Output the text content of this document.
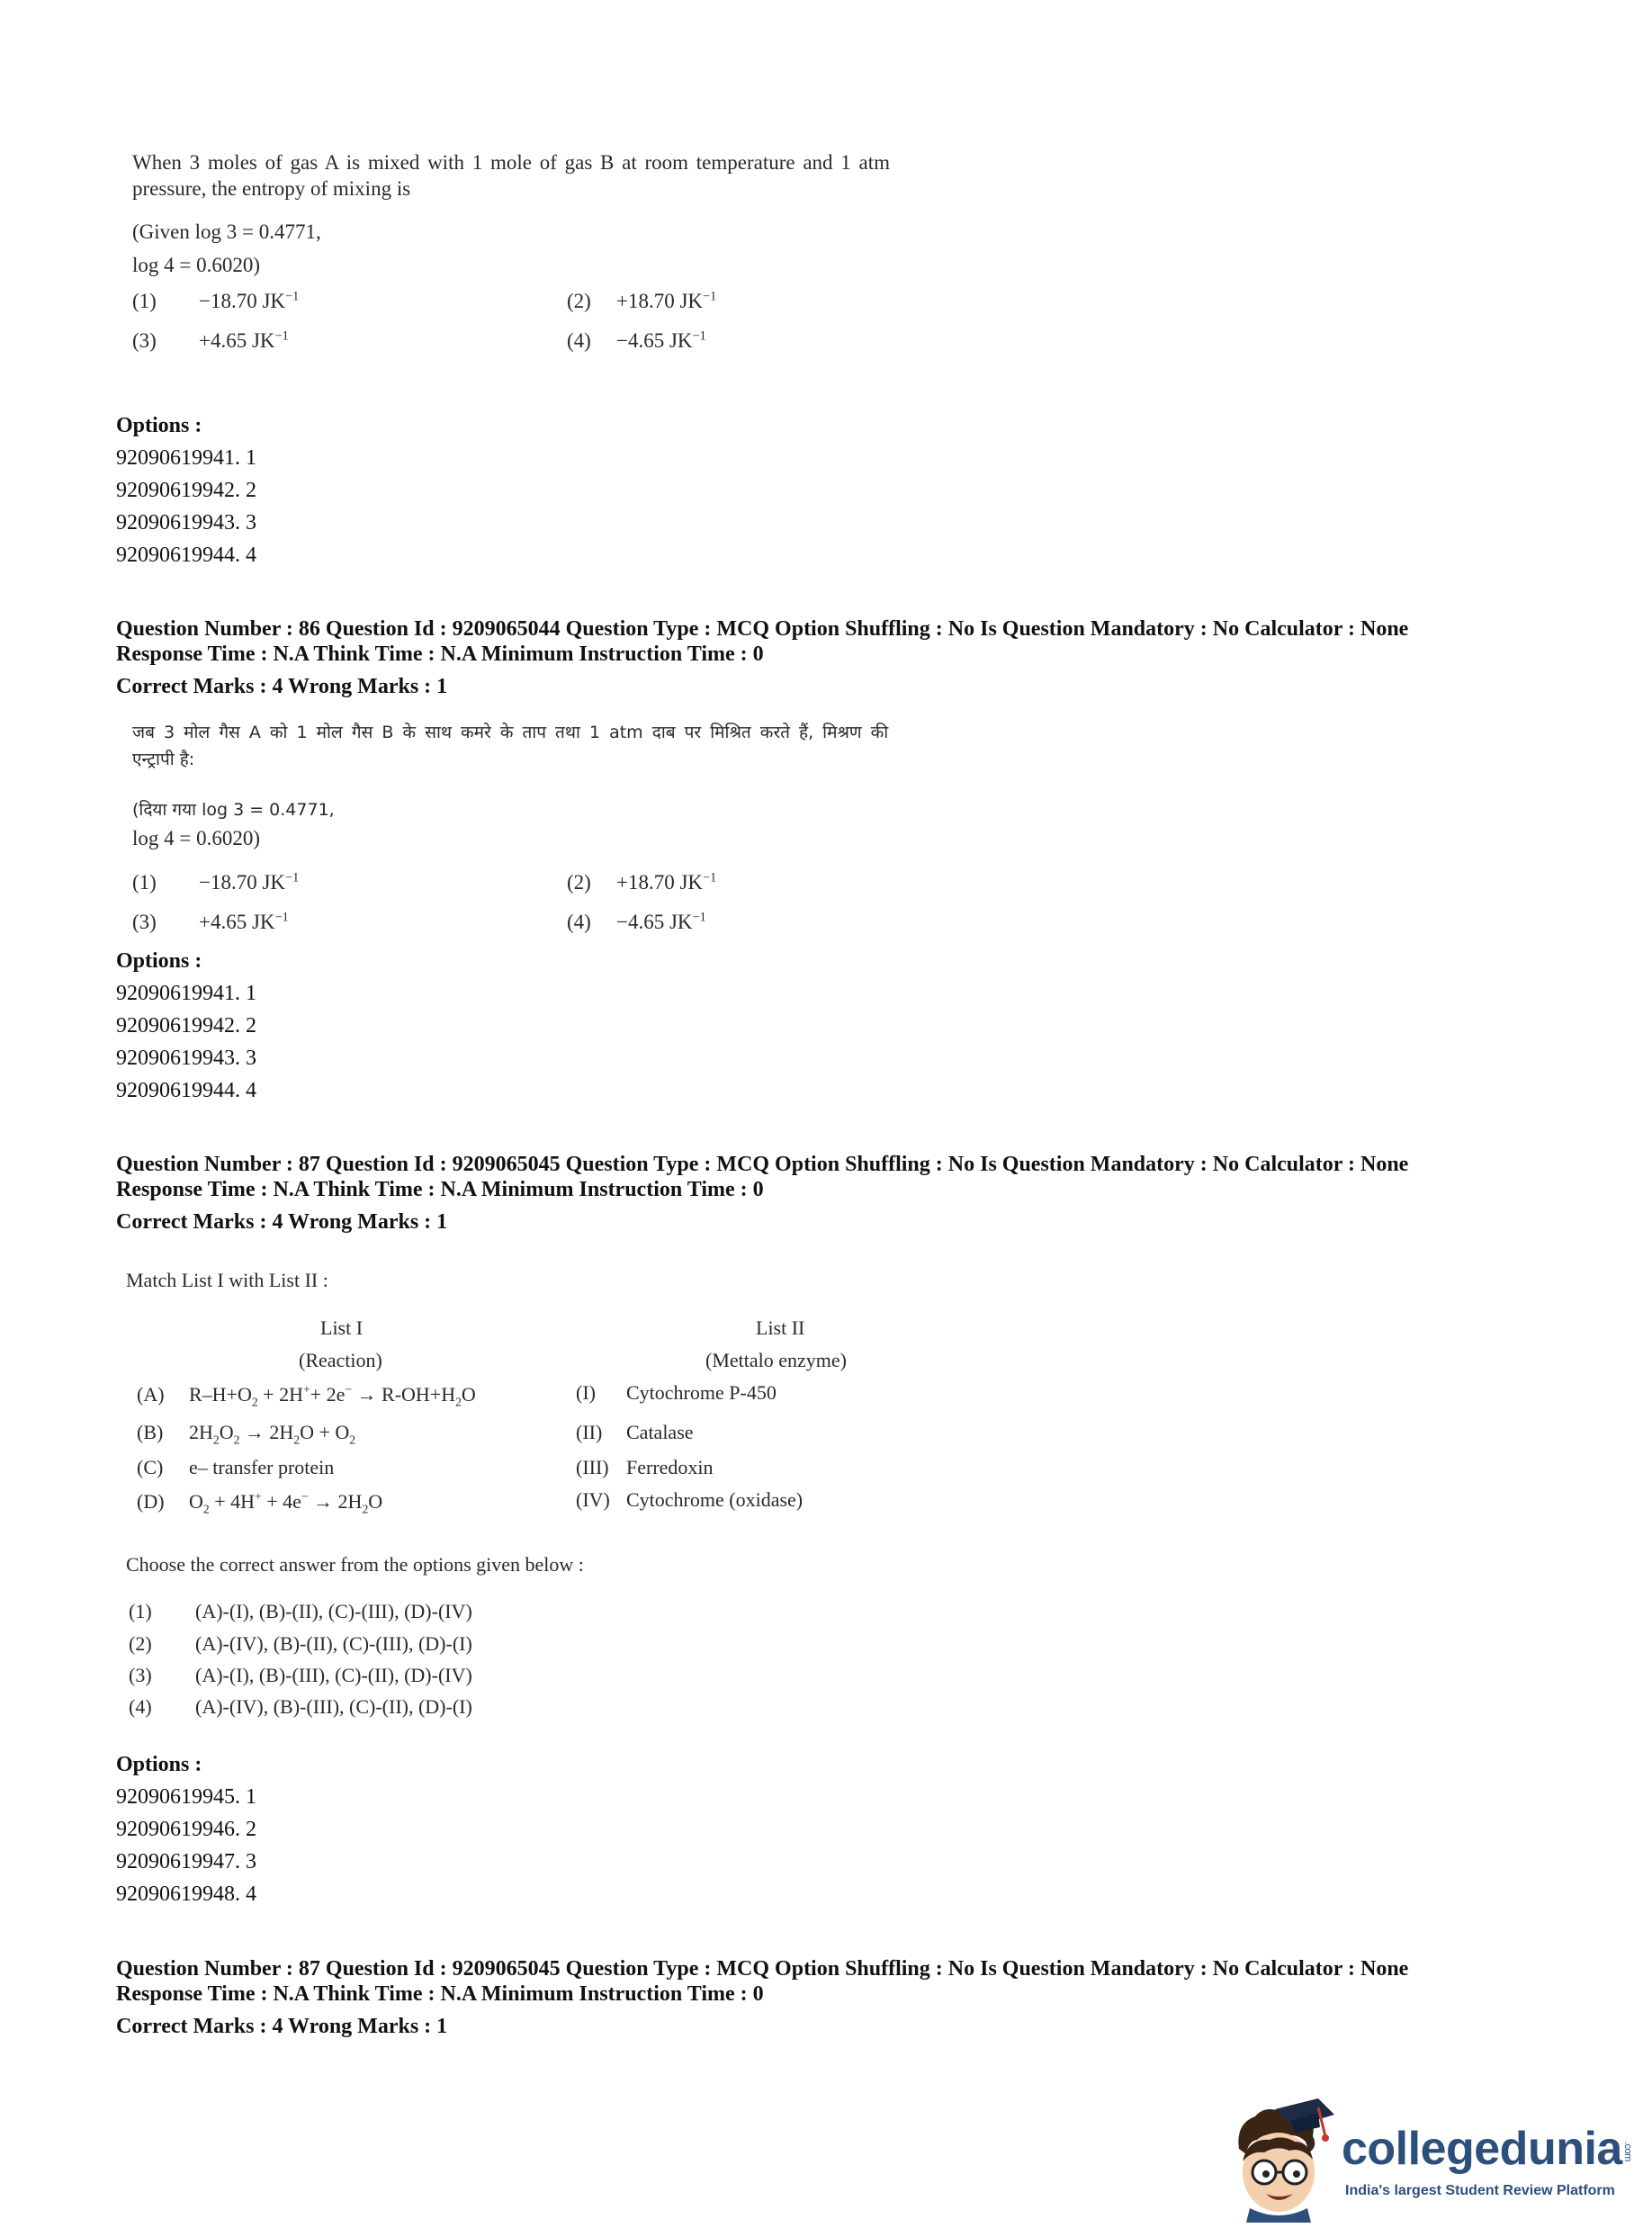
When 3 moles of gas A is mixed with 1 mole of gas B at room temperature and 1 atm
pressure, the entropy of mixing is
(Given log 3 = 0.4771,
log 4 = 0.6020)
(1) −18.70 $JK^{-1}$	(2) +18.70 $JK^{-1}$
(3) +4.65 $JK^{-1}$	(4) −4.65 $JK^{-1}$
Options :
92090619941. 1
92090619942. 2
92090619943. 3
92090619944. 4
Question Number : 86 Question Id : 9209065044 Question Type : MCQ Option Shuffling : No Is Question Mandatory : No Calculator : None
Response Time : N.A Think Time : N.A Minimum Instruction Time : 0
Correct Marks : 4 Wrong Marks : 1
जब 3 मोल गैस A को 1 मोल गैस B के साथ कमरे के ताप तथा 1 atm दाब पर मिश्रित करते हैं, मिश्रण की
एन्ट्रापी है:
(दिया गया log 3 = 0.4771,
log 4 = 0.6020)
(1) −18.70 $JK^{-1}$	(2) +18.70 $JK^{-1}$
(3) +4.65 $JK^{-1}$	(4) −4.65 $JK^{-1}$
Options :
92090619941. 1
92090619942. 2
92090619943. 3
92090619944. 4
Question Number : 87 Question Id : 9209065045 Question Type : MCQ Option Shuffling : No Is Question Mandatory : No Calculator : None
Response Time : N.A Think Time : N.A Minimum Instruction Time : 0
Correct Marks : 4 Wrong Marks : 1
Match List I with List II :
List I
(Reaction)
List II
(Mettalo enzyme)
(A) $R-H+O_2 + 2H^++ 2e^- \to R-OH+H_2O$	(I) Cytochrome P-450
(B) $2H_2O_2 \to 2H_2O + O_2$	(II) Catalase
(C) e– transfer protein	(III) Ferredoxin
(D) $O_2 + 4H^+ + 4e^- \to 2H_2O$	(IV) Cytochrome (oxidase)
Choose the correct answer from the options given below :
(1) (A)-(I), (B)-(II), (C)-(III), (D)-(IV)
(2) (A)-(IV), (B)-(II), (C)-(III), (D)-(I)
(3) (A)-(I), (B)-(III), (C)-(II), (D)-(IV)
(4) (A)-(IV), (B)-(III), (C)-(II), (D)-(I)
Options :
92090619945. 1
92090619946. 2
92090619947. 3
92090619948. 4
Question Number : 87 Question Id : 9209065045 Question Type : MCQ Option Shuffling : No Is Question Mandatory : No Calculator : None
Response Time : N.A Think Time : N.A Minimum Instruction Time : 0
Correct Marks : 4 Wrong Marks : 1
collegedunia.com
India's largest Student Review Platform
